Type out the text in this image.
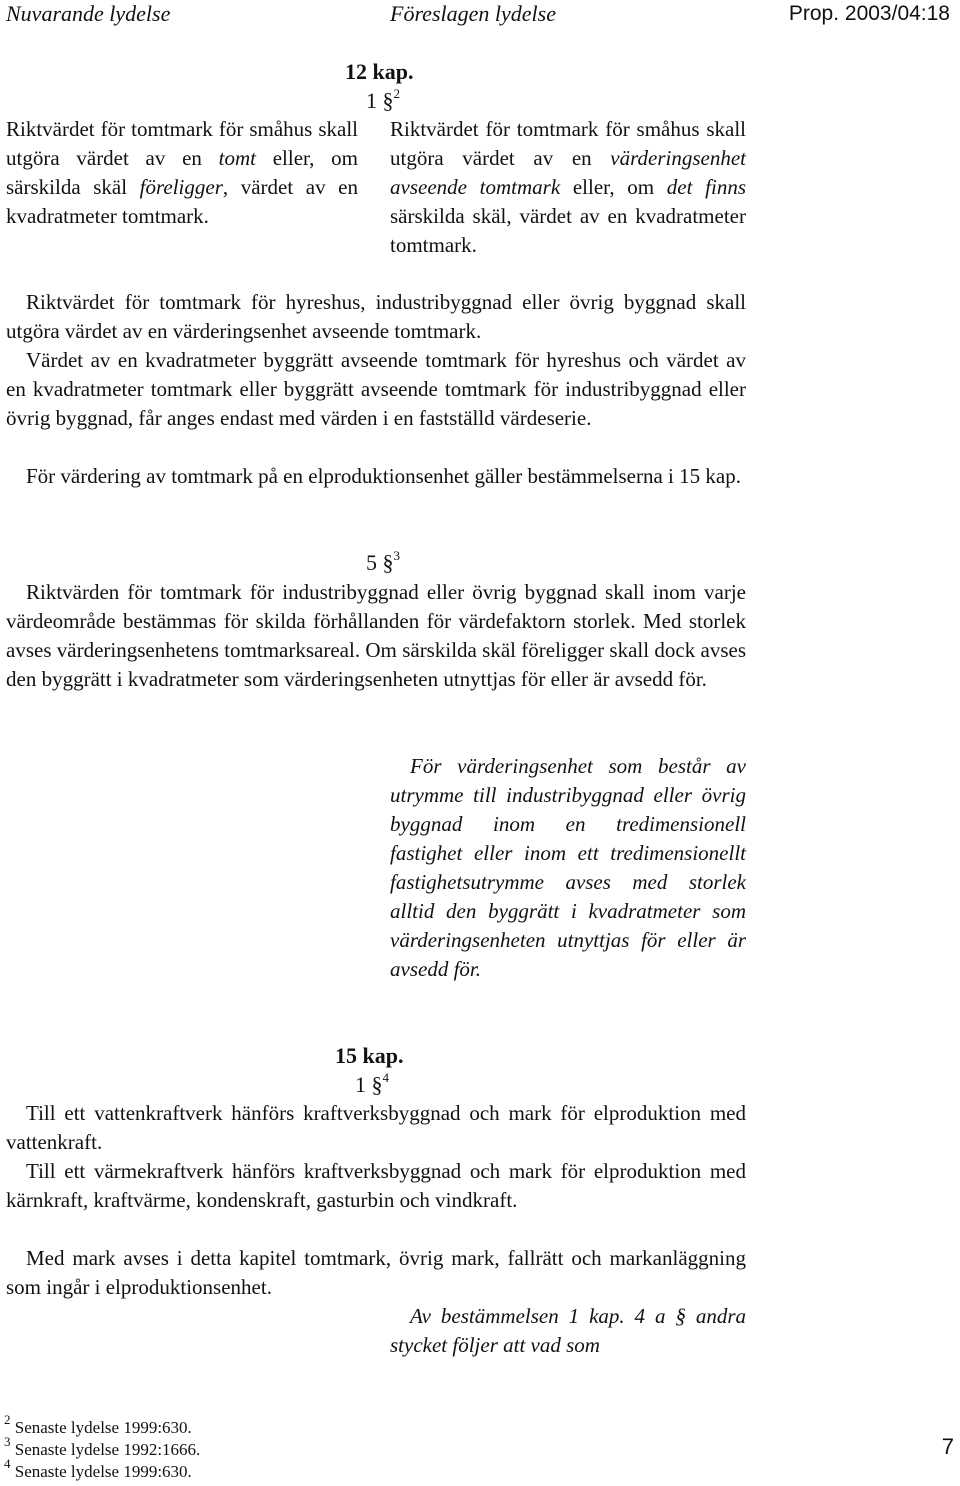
Nuvarande lydelse	Föreslagen lydelse	Prop. 2003/04:18
12 kap.
1 §$^2$
Riktvärdet för tomtmark för småhus skall utgöra värdet av en tomt eller, om särskilda skäl föreligger, värdet av en kvadratmeter tomtmark.
Riktvärdet för tomtmark för småhus skall utgöra värdet av en värderingsenhet avseende tomtmark eller, om det finns särskilda skäl, värdet av en kvadratmeter tomtmark.
Riktvärdet för tomtmark för hyreshus, industribyggnad eller övrig byggnad skall utgöra värdet av en värderingsenhet avseende tomtmark.
Värdet av en kvadratmeter byggrätt avseende tomtmark för hyreshus och värdet av en kvadratmeter tomtmark eller byggrätt avseende tomtmark för industribyggnad eller övrig byggnad, får anges endast med värden i en fastställd värdeserie.
För värdering av tomtmark på en elproduktionsenhet gäller bestämmelserna i 15 kap.
5 §$^3$
Riktvärden för tomtmark för industribyggnad eller övrig byggnad skall inom varje värdeområde bestämmas för skilda förhållanden för värdefaktorn storlek. Med storlek avses värderingsenhetens tomtmarksareal. Om särskilda skäl föreligger skall dock avses den byggrätt i kvadratmeter som värderingsenheten utnyttjas för eller är avsedd för.
För värderingsenhet som består av utrymme till industribyggnad eller övrig byggnad inom en tredimensionell fastighet eller inom ett tredimensionellt fastighetsutrymme avses med storlek alltid den byggrätt i kvadratmeter som värderingsenheten utnyttjas för eller är avsedd för.
15 kap.
1 §$^4$
Till ett vattenkraftverk hänförs kraftverksbyggnad och mark för elproduktion med vattenkraft.
Till ett värmekraftverk hänförs kraftverksbyggnad och mark för elproduktion med kärnkraft, kraftvärme, kondenskraft, gasturbin och vindkraft.
Med mark avses i detta kapitel tomtmark, övrig mark, fallrätt och markanläggning som ingår i elproduktionsenhet.
Av bestämmelsen 1 kap. 4 a § andra stycket följer att vad som
$^2$ Senaste lydelse 1999:630.
$^3$ Senaste lydelse 1992:1666.
$^4$ Senaste lydelse 1999:630.
7
